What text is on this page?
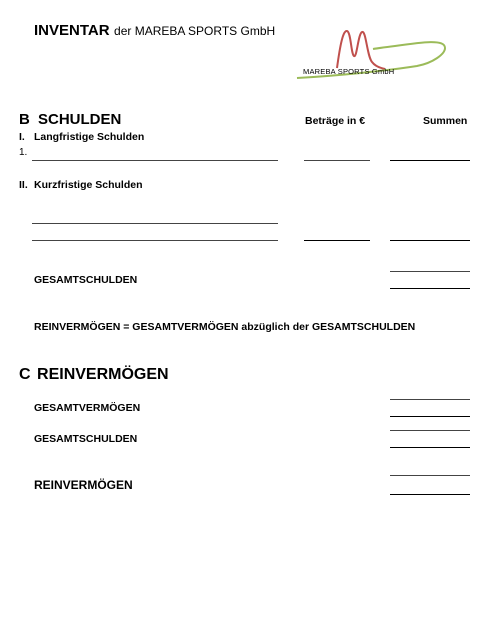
INVENTAR der MAREBA SPORTS GmbH
MAREBA SPORTS GmbH
B SCHULDEN	Beträge in €	Summen
I. Langfristige Schulden
1.
II. Kurzfristige Schulden
GESAMTSCHULDEN
REINVERMÖGEN = GESAMTVERMÖGEN abzüglich der GESAMTSCHULDEN
C REINVERMÖGEN
GESAMTVERMÖGEN
GESAMTSCHULDEN
REINVERMÖGEN
